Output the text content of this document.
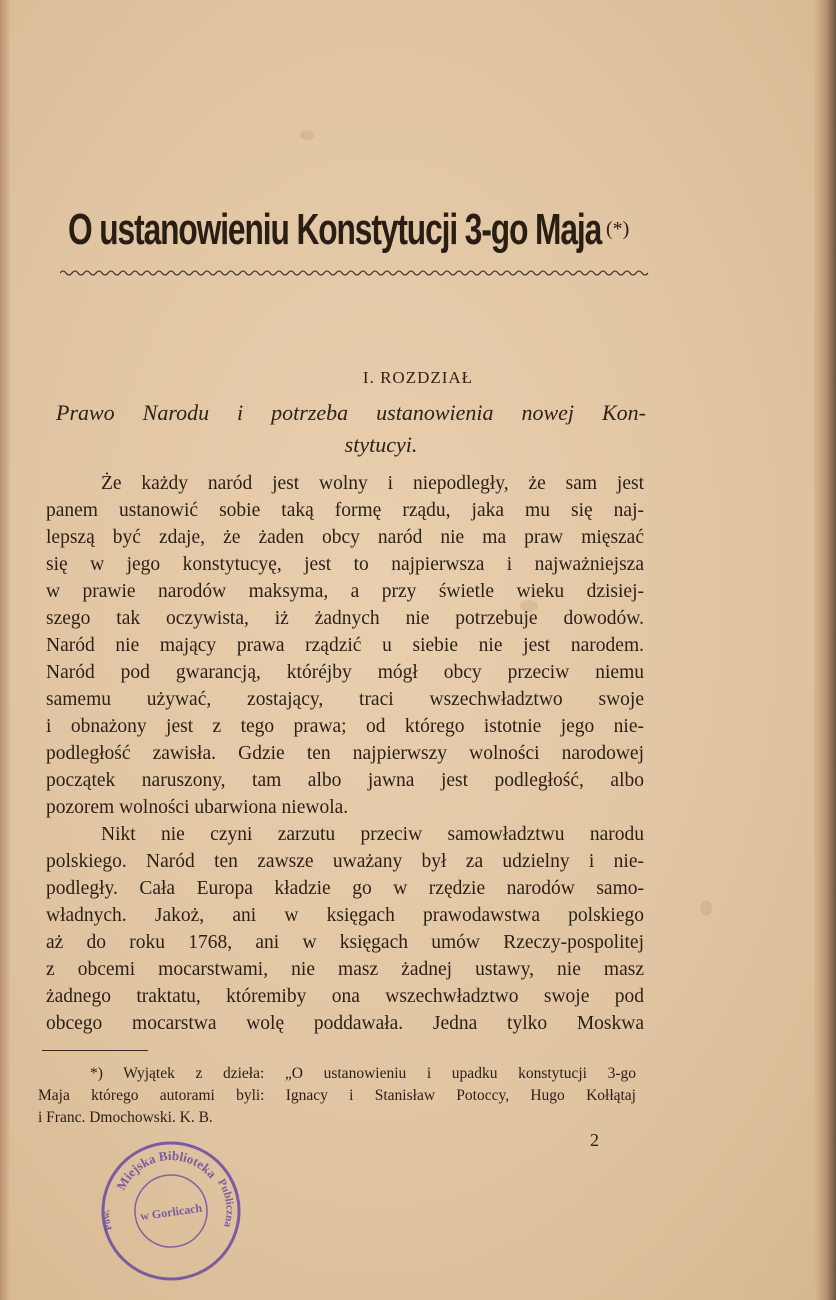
O ustanowieniu Konstytucji 3-go Maja (*)
I. ROZDZIAŁ
Prawo Narodu i potrzeba ustanowienia nowej Kon-
stytucyi.
Że każdy naród jest wolny i niepodległy, że sam jest
panem ustanowić sobie taką formę rządu, jaka mu się naj-
lepszą być zdaje, że żaden obcy naród nie ma praw mięszać
się w jego konstytucyę, jest to najpierwsza i najważniejsza
w prawie narodów maksyma, a przy świetle wieku dzisiej-
szego tak oczywista, iż żadnych nie potrzebuje dowodów.
Naród nie mający prawa rządzić u siebie nie jest narodem.
Naród pod gwarancją, któréjby mógł obcy przeciw niemu
samemu używać, zostający, traci wszechwładztwo swoje
i obnażony jest z tego prawa; od którego istotnie jego nie-
podległość zawisła. Gdzie ten najpierwszy wolności narodowej
początek naruszony, tam albo jawna jest podległość, albo
pozorem wolności ubarwiona niewola.
Nikt nie czyni zarzutu przeciw samowładztwu narodu
polskiego. Naród ten zawsze uważany był za udzielny i nie-
podległy. Cała Europa kładzie go w rzędzie narodów samo-
władnych. Jakoż, ani w księgach prawodawstwa polskiego
aż do roku 1768, ani w księgach umów Rzeczy-pospolitej
z obcemi mocarstwami, nie masz żadnej ustawy, nie masz
żadnego traktatu, któremiby ona wszechwładztwo swoje pod
obcego mocarstwa wolę poddawała. Jedna tylko Moskwa
*) Wyjątek z dzieła: „O ustanowieniu i upadku konstytucji 3-go
Maja którego autorami byli: Ignacy i Stanisław Potoccy, Hugo Kołłątaj
i Franc. Dmochowski. K. B.
2
Miejska Biblioteka
Publiczna
Pow. w Gorlicach
